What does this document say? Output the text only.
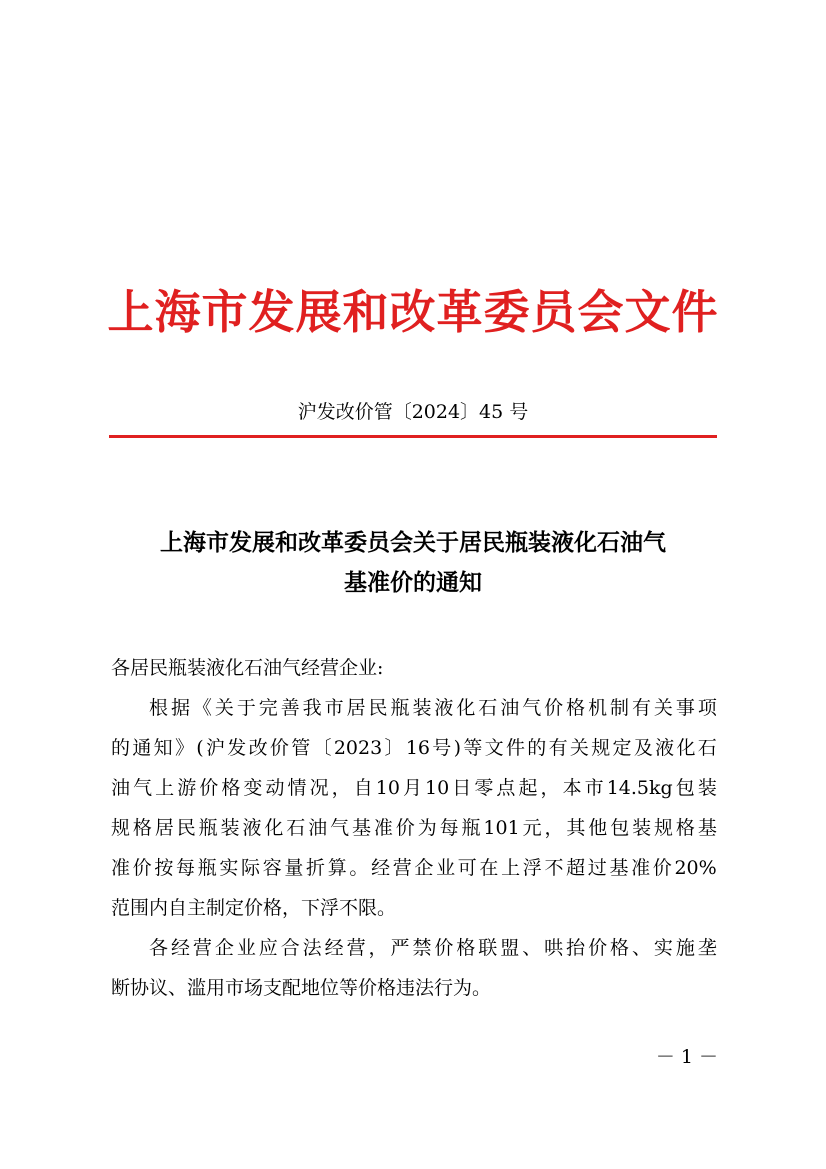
上海市发展和改革委员会文件
沪发改价管〔2024〕45 号
上海市发展和改革委员会关于居民瓶装液化石油气
基准价的通知
各居民瓶装液化石油气经营企业:
根 据 《 关 于 完 善 我 市 居 民 瓶 装 液 化 石 油 气 价 格 机 制 有 关 事 项
的 通 知 》 ( 沪 发 改 价 管 〔 2023 〕 16 号 ) 等 文 件 的 有 关 规 定 及 液 化 石
油 气 上 游 价 格 变 动 情 况 ， 自 10 月 10 日 零 点 起 ， 本 市 14.5kg 包 装
规 格 居 民 瓶 装 液 化 石 油 气 基 准 价 为 每 瓶 101 元 ， 其 他 包 装 规 格 基
准 价 按 每 瓶 实 际 容 量 折 算 。 经 营 企 业 可 在 上 浮 不 超 过 基 准 价 20%
范围内自主制定价格，下浮不限。
各 经 营 企 业 应 合 法 经 营 ， 严 禁 价 格 联 盟 、 哄 抬 价 格 、 实 施 垄
断协议、滥用市场支配地位等价格违法行为。
－ 1 －
